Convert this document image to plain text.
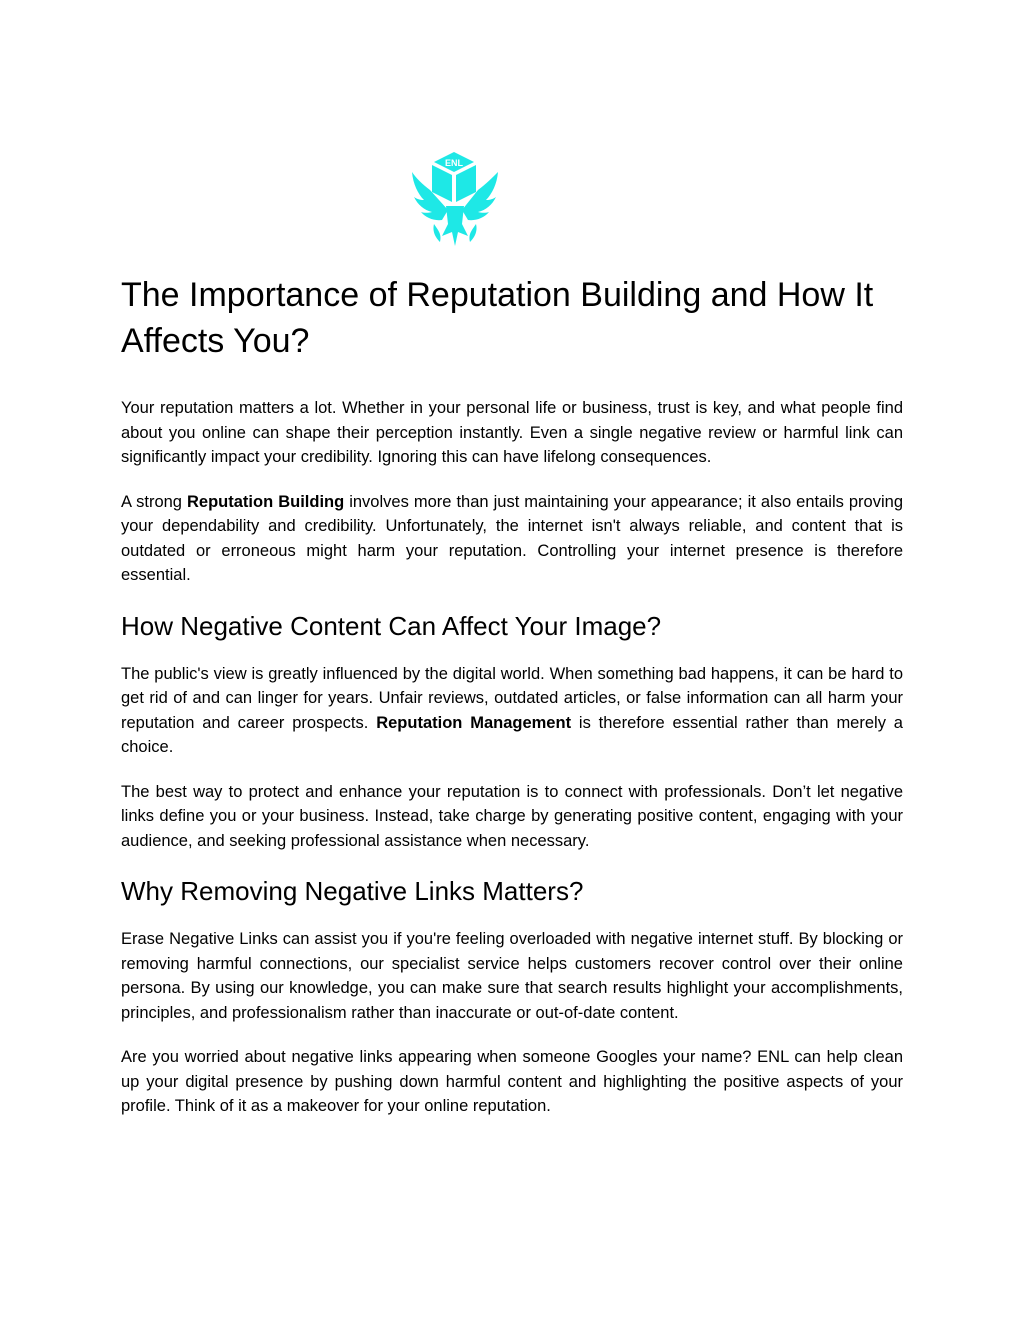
ENL
The Importance of Reputation Building and How It Affects You?

Your reputation matters a lot. Whether in your personal life or business, trust is key, and what people find about you online can shape their perception instantly. Even a single negative review or harmful link can significantly impact your credibility. Ignoring this can have lifelong consequences.

A strong Reputation Building involves more than just maintaining your appearance; it also entails proving your dependability and credibility. Unfortunately, the internet isn't always reliable, and content that is outdated or erroneous might harm your reputation. Controlling your internet presence is therefore essential.

How Negative Content Can Affect Your Image?

The public's view is greatly influenced by the digital world. When something bad happens, it can be hard to get rid of and can linger for years. Unfair reviews, outdated articles, or false information can all harm your reputation and career prospects. Reputation Management is therefore essential rather than merely a choice.

The best way to protect and enhance your reputation is to connect with professionals. Don’t let negative links define you or your business. Instead, take charge by generating positive content, engaging with your audience, and seeking professional assistance when necessary.

Why Removing Negative Links Matters?

Erase Negative Links can assist you if you're feeling overloaded with negative internet stuff. By blocking or removing harmful connections, our specialist service helps customers recover control over their online persona. By using our knowledge, you can make sure that search results highlight your accomplishments, principles, and professionalism rather than inaccurate or out-of-date content.

Are you worried about negative links appearing when someone Googles your name? ENL can help clean up your digital presence by pushing down harmful content and highlighting the positive aspects of your profile. Think of it as a makeover for your online reputation.
